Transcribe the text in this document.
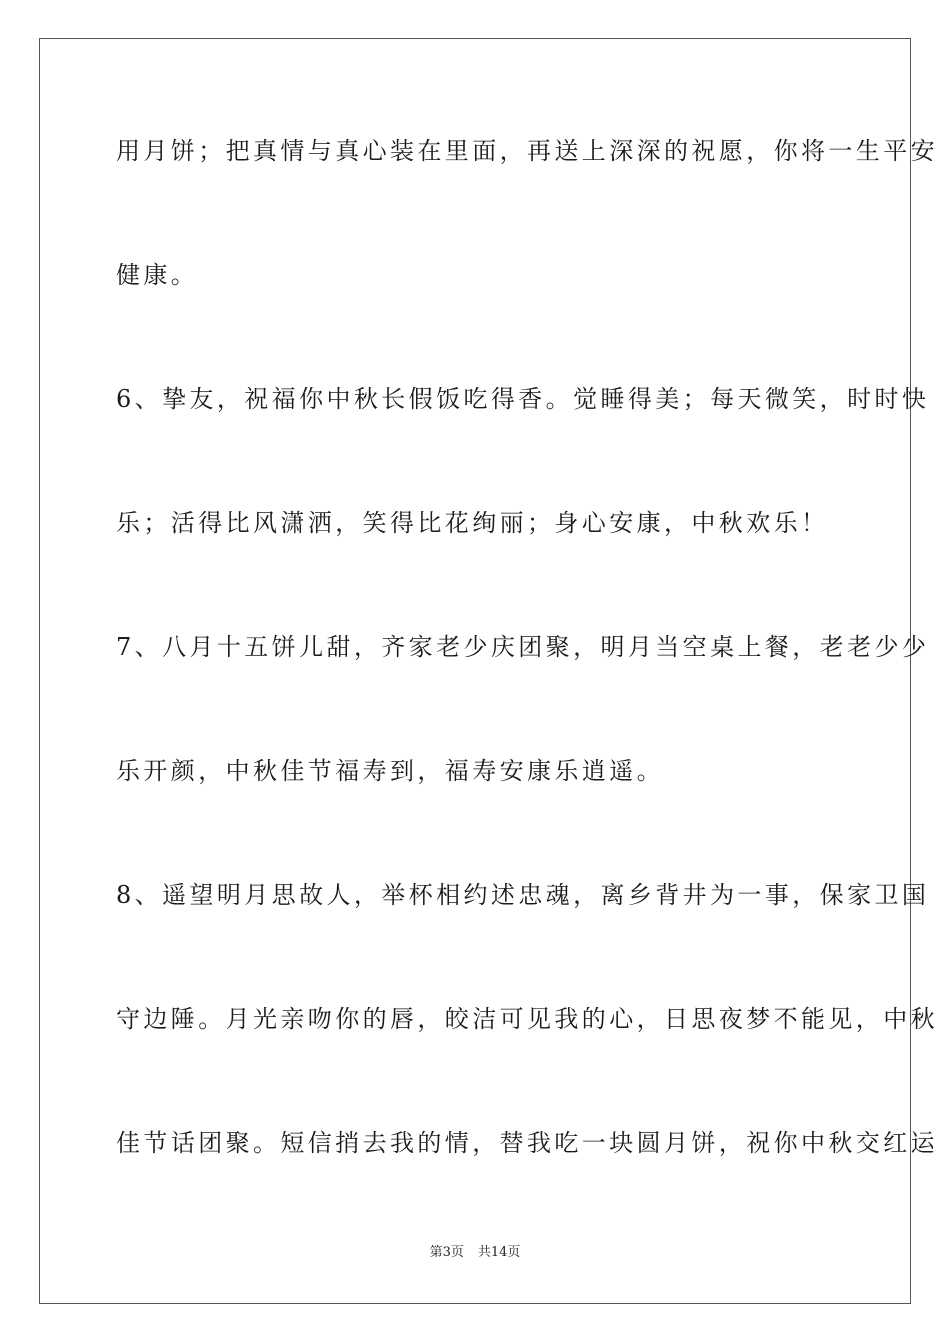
用月饼；把真情与真心装在里面，再送上深深的祝愿，你将一生平安
健康。
6、挚友，祝福你中秋长假饭吃得香。觉睡得美；每天微笑，时时快
乐；活得比风潇洒，笑得比花绚丽；身心安康，中秋欢乐！
7、八月十五饼儿甜，齐家老少庆团聚，明月当空桌上餐，老老少少
乐开颜，中秋佳节福寿到，福寿安康乐逍遥。
8、遥望明月思故人，举杯相约述忠魂，离乡背井为一事，保家卫国
守边陲。月光亲吻你的唇，皎洁可见我的心，日思夜梦不能见，中秋
佳节话团聚。短信捎去我的情，替我吃一块圆月饼，祝你中秋交红运
第3页 共14页
